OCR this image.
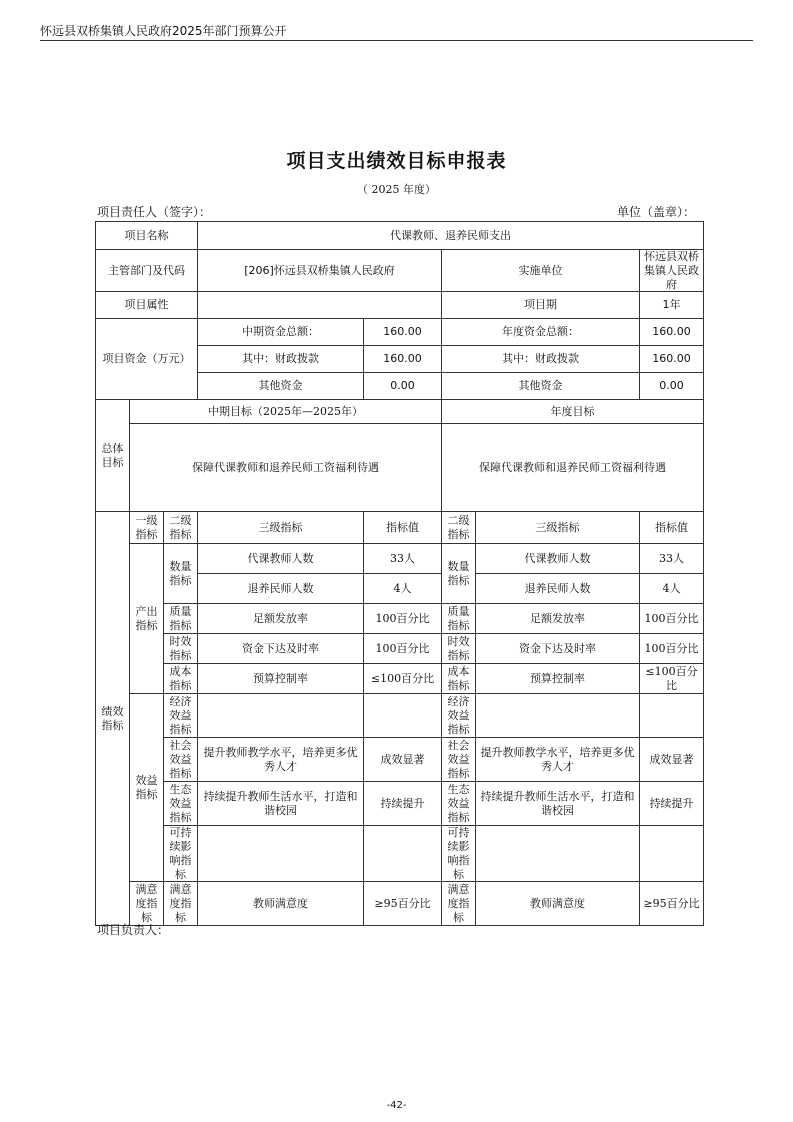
怀远县双桥集镇人民政府2025年部门预算公开
项目支出绩效目标申报表
（ 2025 年度）
项目责任人（签字）：	单位（盖章）：
项目名称			代课教师、退养民师支出				
主管部门及代码			[206]怀远县双桥集镇人民政府		实施单位		怀远县双桥集镇人民政府
项目属性					项目期		1年
项目资金（万元）			中期资金总额：	160.00	年度资金总额：		160.00
			其中：财政拨款	160.00	其中：财政拨款		160.00
			其他资金	0.00	其他资金		0.00
总体目标	中期目标（2025年—2025年）				年度目标		
	保障代课教师和退养民师工资福利待遇				保障代课教师和退养民师工资福利待遇		
绩效指标	一级指标	二级指标	三级指标	指标值	二级指标	三级指标	指标值
	产出指标	数量指标	代课教师人数	33人	数量指标	代课教师人数	33人
			退养民师人数	4人		退养民师人数	4人
		质量指标	足额发放率	100百分比	质量指标	足额发放率	100百分比
		时效指标	资金下达及时率	100百分比	时效指标	资金下达及时率	100百分比
		成本指标	预算控制率	≤100百分比	成本指标	预算控制率	≤100百分比
	效益指标	经济效益指标			经济效益指标		
		社会效益指标	提升教师教学水平，培养更多优秀人才	成效显著	社会效益指标	提升教师教学水平，培养更多优秀人才	成效显著
		生态效益指标	持续提升教师生活水平，打造和谐校园	持续提升	生态效益指标	持续提升教师生活水平，打造和谐校园	持续提升
		可持续影响指标			可持续影响指标		
	满意度指标	满意度指标	教师满意度	≥95百分比	满意度指标	教师满意度	≥95百分比
项目负责人：
-42-
